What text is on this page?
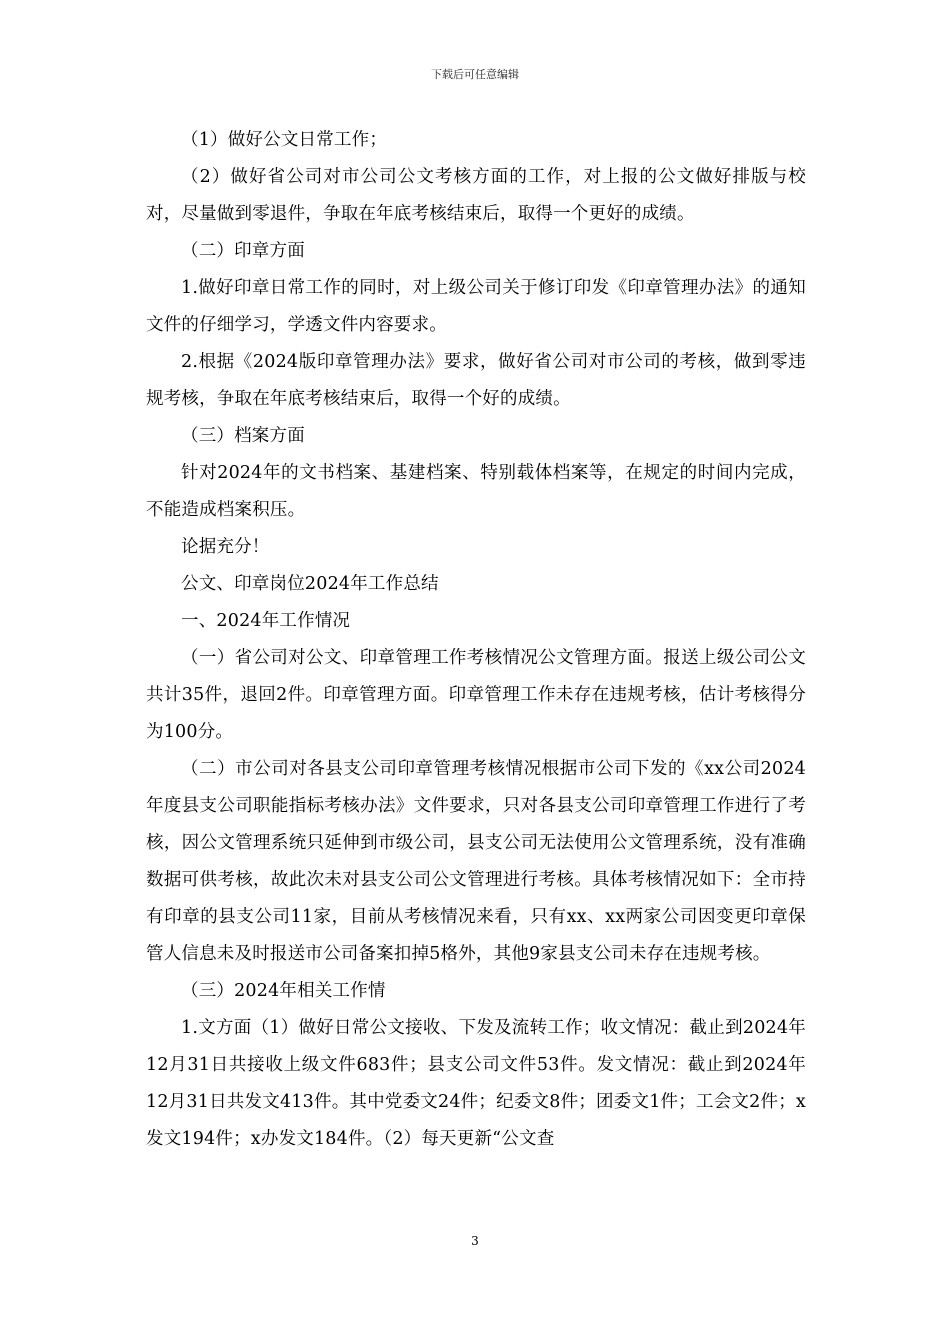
下载后可任意编辑

（1）做好公文日常工作；

（2）做好省公司对市公司公文考核方面的工作，对上报的公文做好排版与校对，尽量做到零退件，争取在年底考核结束后，取得一个更好的成绩。

（二）印章方面

1.做好印章日常工作的同时，对上级公司关于修订印发《印章管理办法》的通知文件的仔细学习，学透文件内容要求。

2.根据《2024版印章管理办法》要求，做好省公司对市公司的考核，做到零违规考核，争取在年底考核结束后，取得一个好的成绩。

（三）档案方面

针对2024年的文书档案、基建档案、特别载体档案等，在规定的时间内完成，不能造成档案积压。

论据充分！

公文、印章岗位2024年工作总结

一、2024年工作情况

（一）省公司对公文、印章管理工作考核情况公文管理方面。报送上级公司公文共计35件，退回2件。印章管理方面。印章管理工作未存在违规考核，估计考核得分为100分。

（二）市公司对各县支公司印章管理考核情况根据市公司下发的《xx公司2024年度县支公司职能指标考核办法》文件要求，只对各县支公司印章管理工作进行了考核，因公文管理系统只延伸到市级公司，县支公司无法使用公文管理系统，没有准确数据可供考核，故此次未对县支公司公文管理进行考核。具体考核情况如下：全市持有印章的县支公司11家，目前从考核情况来看，只有xx、xx两家公司因变更印章保管人信息未及时报送市公司备案扣掉5格外，其他9家县支公司未存在违规考核。

（三）2024年相关工作情

1.文方面（1）做好日常公文接收、下发及流转工作；收文情况：截止到2024年12月31日共接收上级文件683件；县支公司文件53件。发文情况：截止到2024年12月31日共发文413件。其中党委文24件；纪委文8件；团委文1件；工会文2件；x发文194件；x办发文184件。（2）每天更新“公文查

3
